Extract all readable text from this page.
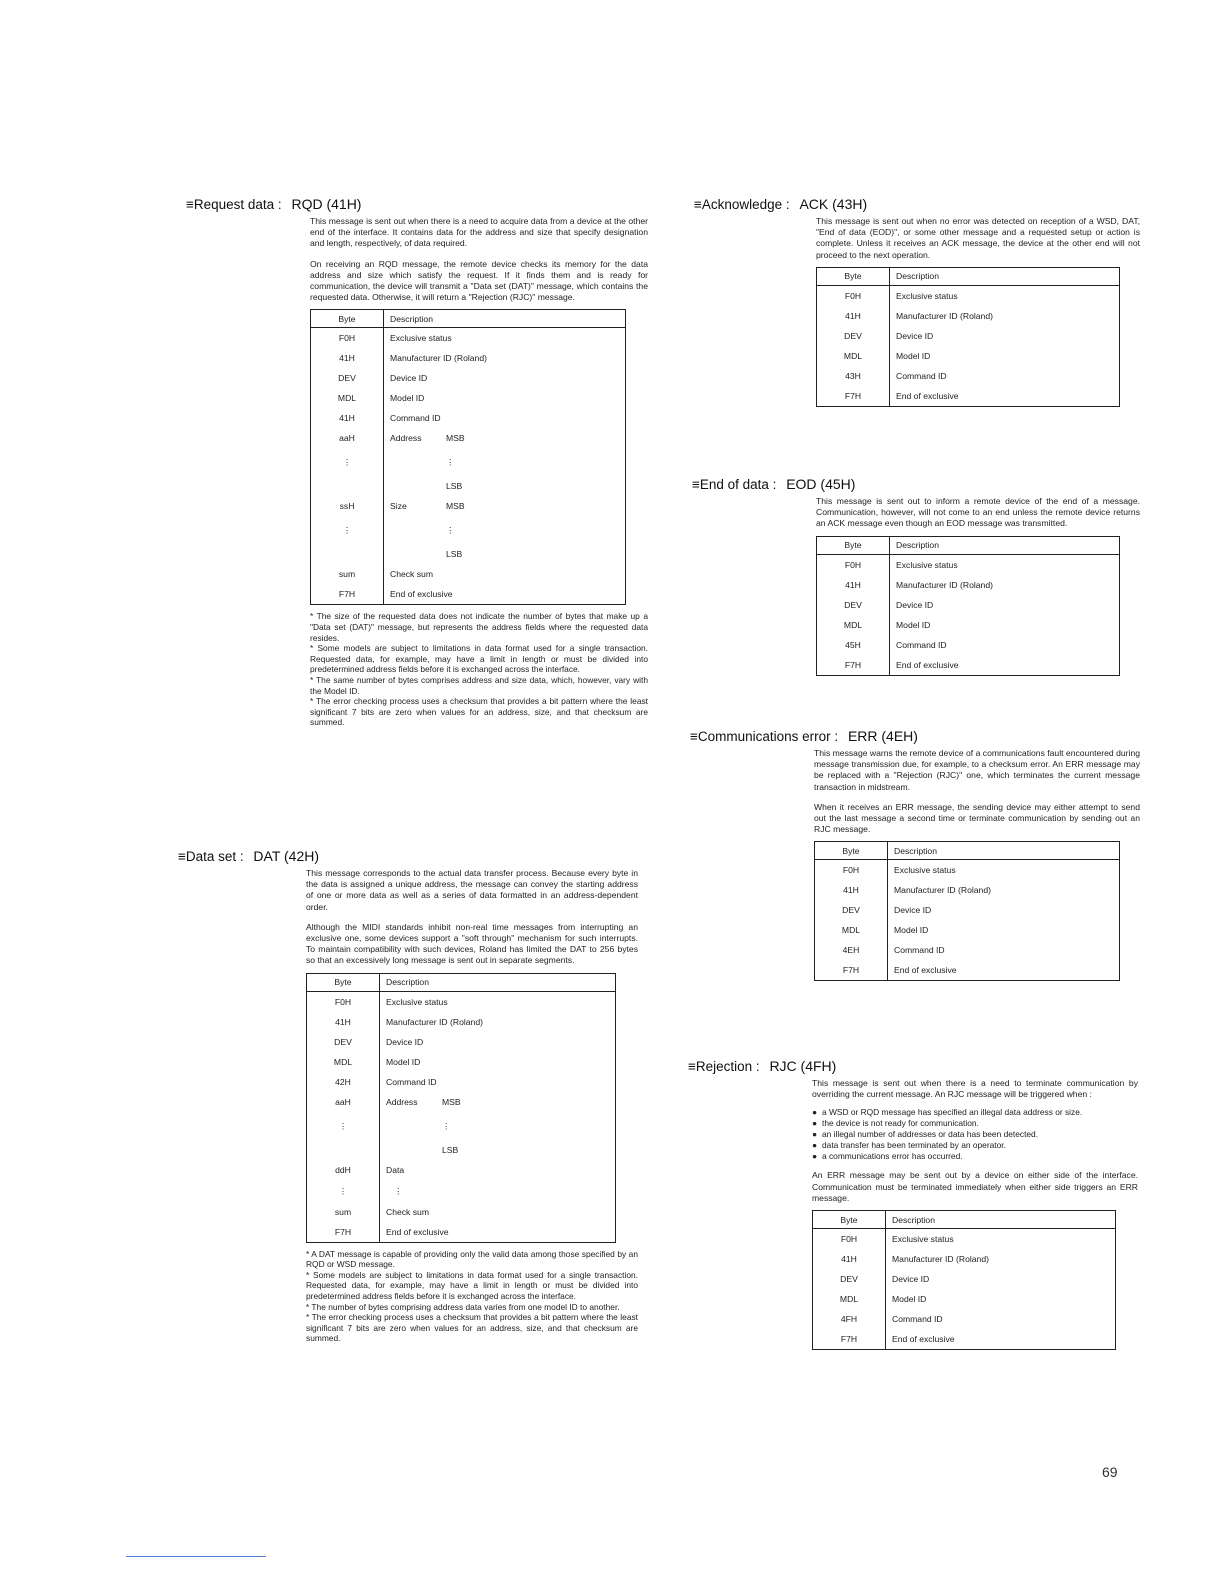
≡Request data : RQD (41H)

This message is sent out when there is a need to acquire data from a device at the other end of the interface. It contains data for the address and size that specify designation and length, respectively, of data required.

On receiving an RQD message, the remote device checks its memory for the data address and size which satisfy the request. If it finds them and is ready for communication, the device will transmit a "Data set (DAT)" message, which contains the requested data. Otherwise, it will return a "Rejection (RJC)" message.

Byte	Description
F0H	Exclusive status
41H	Manufacturer ID (Roland)
DEV	Device ID
MDL	Model ID
41H	Command ID
aaH	Address MSB
⋮	⋮
	LSB
ssH	Size MSB
⋮	⋮
	LSB
sum	Check sum
F7H	End of exclusive
* The size of the requested data does not indicate the number of bytes that make up a "Data set (DAT)" message, but represents the address fields where the requested data resides.
* Some models are subject to limitations in data format used for a single transaction. Requested data, for example, may have a limit in length or must be divided into predetermined address fields before it is exchanged across the interface.
* The same number of bytes comprises address and size data, which, however, vary with the Model ID.
* The error checking process uses a checksum that provides a bit pattern where the least significant 7 bits are zero when values for an address, size, and that checksum are summed.
≡Data set : DAT (42H)

This message corresponds to the actual data transfer process. Because every byte in the data is assigned a unique address, the message can convey the starting address of one or more data as well as a series of data formatted in an address-dependent order.

Although the MIDI standards inhibit non-real time messages from interrupting an exclusive one, some devices support a "soft through" mechanism for such interrupts. To maintain compatibility with such devices, Roland has limited the DAT to 256 bytes so that an excessively long message is sent out in separate segments.

Byte	Description
F0H	Exclusive status
41H	Manufacturer ID (Roland)
DEV	Device ID
MDL	Model ID
42H	Command ID
aaH	Address MSB
⋮	⋮
	LSB
ddH	Data
⋮	⋮
sum	Check sum
F7H	End of exclusive
* A DAT message is capable of providing only the valid data among those specified by an RQD or WSD message.
* Some models are subject to limitations in data format used for a single transaction. Requested data, for example, may have a limit in length or must be divided into predetermined address fields before it is exchanged across the interface.
* The number of bytes comprising address data varies from one model ID to another.
* The error checking process uses a checksum that provides a bit pattern where the least significant 7 bits are zero when values for an address, size, and that checksum are summed.
≡Acknowledge : ACK (43H)

This message is sent out when no error was detected on reception of a WSD, DAT, "End of data (EOD)", or some other message and a requested setup or action is complete. Unless it receives an ACK message, the device at the other end will not proceed to the next operation.

Byte	Description
F0H	Exclusive status
41H	Manufacturer ID (Roland)
DEV	Device ID
MDL	Model ID
43H	Command ID
F7H	End of exclusive
≡End of data : EOD (45H)

This message is sent out to inform a remote device of the end of a message. Communication, however, will not come to an end unless the remote device returns an ACK message even though an EOD message was transmitted.

Byte	Description
F0H	Exclusive status
41H	Manufacturer ID (Roland)
DEV	Device ID
MDL	Model ID
45H	Command ID
F7H	End of exclusive
≡Communications error : ERR (4EH)

This message warns the remote device of a communications fault encountered during message transmission due, for example, to a checksum error. An ERR message may be replaced with a "Rejection (RJC)" one, which terminates the current message transaction in midstream.

When it receives an ERR message, the sending device may either attempt to send out the last message a second time or terminate communication by sending out an RJC message.

Byte	Description
F0H	Exclusive status
41H	Manufacturer ID (Roland)
DEV	Device ID
MDL	Model ID
4EH	Command ID
F7H	End of exclusive
≡Rejection : RJC (4FH)

This message is sent out when there is a need to terminate communication by overriding the current message. An RJC message will be triggered when :

● a WSD or RQD message has specified an illegal data address or size.
● the device is not ready for communication.
● an illegal number of addresses or data has been detected.
● data transfer has been terminated by an operator.
● a communications error has occurred.

An ERR message may be sent out by a device on either side of the interface. Communication must be terminated immediately when either side triggers an ERR message.

Byte	Description
F0H	Exclusive status
41H	Manufacturer ID (Roland)
DEV	Device ID
MDL	Model ID
4FH	Command ID
F7H	End of exclusive
69
